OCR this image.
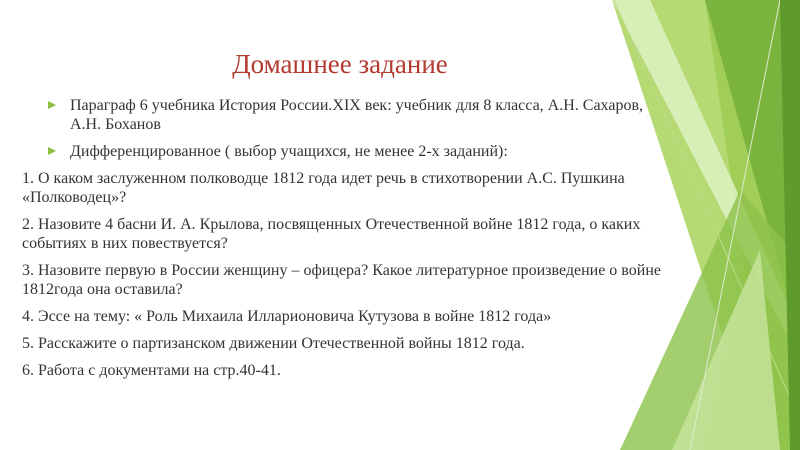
Домашнее задание
Параграф 6 учебника История России.XIX век: учебник для 8 класса, А.Н. Сахаров, А.Н. Боханов
Дифференцированное ( выбор учащихся, не менее 2-х заданий):
1. О каком заслуженном полководце 1812 года идет речь в стихотворении А.С. Пушкина «Полководец»?
2. Назовите 4 басни И. А. Крылова, посвященных Отечественной войне 1812 года, о каких событиях в них повествуется?
3. Назовите первую в России женщину – офицера? Какое литературное произведение о войне 1812года она оставила?
4. Эссе на тему: « Роль Михаила Илларионовича Кутузова в войне 1812 года»
5. Расскажите о партизанском движении Отечественной войны 1812 года.
6. Работа с документами на стр.40-41.
